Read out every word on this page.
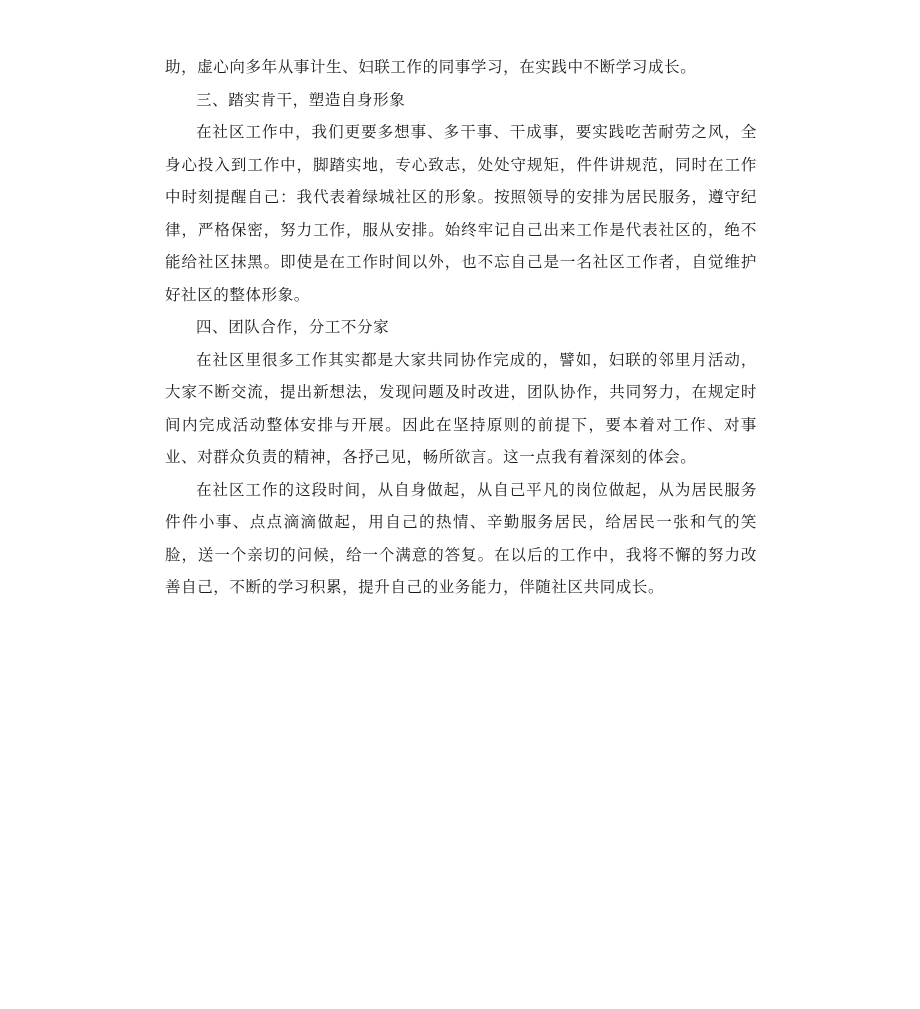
助，虚心向多年从事计生、妇联工作的同事学习，在实践中不断学习成长。

三、踏实肯干，塑造自身形象

在社区工作中，我们更要多想事、多干事、干成事，要实践吃苦耐劳之风，全身心投入到工作中，脚踏实地，专心致志，处处守规矩，件件讲规范，同时在工作中时刻提醒自己：我代表着绿城社区的形象。按照领导的安排为居民服务，遵守纪律，严格保密，努力工作，服从安排。始终牢记自己出来工作是代表社区的，绝不能给社区抹黑。即使是在工作时间以外，也不忘自己是一名社区工作者，自觉维护好社区的整体形象。

四、团队合作，分工不分家

在社区里很多工作其实都是大家共同协作完成的，譬如，妇联的邻里月活动，大家不断交流，提出新想法，发现问题及时改进，团队协作，共同努力，在规定时间内完成活动整体安排与开展。因此在坚持原则的前提下，要本着对工作、对事业、对群众负责的精神，各抒己见，畅所欲言。这一点我有着深刻的体会。

在社区工作的这段时间，从自身做起，从自己平凡的岗位做起，从为居民服务件件小事、点点滴滴做起，用自己的热情、辛勤服务居民，给居民一张和气的笑脸，送一个亲切的问候，给一个满意的答复。在以后的工作中，我将不懈的努力改善自己，不断的学习积累，提升自己的业务能力，伴随社区共同成长。
